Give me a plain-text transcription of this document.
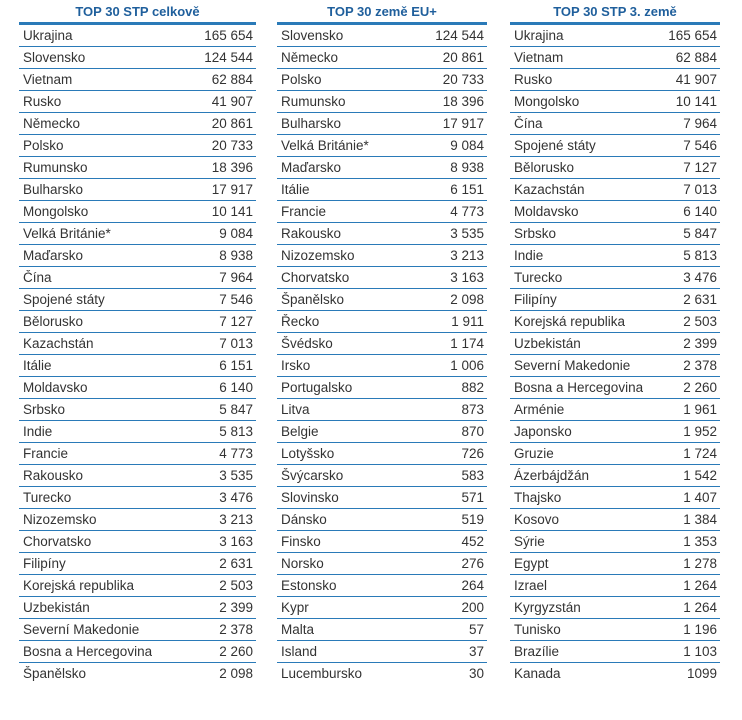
TOP 30 STP celkově
Ukrajina	165 654
Slovensko	124 544
Vietnam	62 884
Rusko	41 907
Německo	20 861
Polsko	20 733
Rumunsko	18 396
Bulharsko	17 917
Mongolsko	10 141
Velká Británie*	9 084
Maďarsko	8 938
Čína	7 964
Spojené státy	7 546
Bělorusko	7 127
Kazachstán	7 013
Itálie	6 151
Moldavsko	6 140
Srbsko	5 847
Indie	5 813
Francie	4 773
Rakousko	3 535
Turecko	3 476
Nizozemsko	3 213
Chorvatsko	3 163
Filipíny	2 631
Korejská republika	2 503
Uzbekistán	2 399
Severní Makedonie	2 378
Bosna a Hercegovina	2 260
Španělsko	2 098
TOP 30 země EU+
Slovensko	124 544
Německo	20 861
Polsko	20 733
Rumunsko	18 396
Bulharsko	17 917
Velká Británie*	9 084
Maďarsko	8 938
Itálie	6 151
Francie	4 773
Rakousko	3 535
Nizozemsko	3 213
Chorvatsko	3 163
Španělsko	2 098
Řecko	1 911
Švédsko	1 174
Irsko	1 006
Portugalsko	882
Litva	873
Belgie	870
Lotyšsko	726
Švýcarsko	583
Slovinsko	571
Dánsko	519
Finsko	452
Norsko	276
Estonsko	264
Kypr	200
Malta	57
Island	37
Lucembursko	30
TOP 30 STP 3. země
Ukrajina	165 654
Vietnam	62 884
Rusko	41 907
Mongolsko	10 141
Čína	7 964
Spojené státy	7 546
Bělorusko	7 127
Kazachstán	7 013
Moldavsko	6 140
Srbsko	5 847
Indie	5 813
Turecko	3 476
Filipíny	2 631
Korejská republika	2 503
Uzbekistán	2 399
Severní Makedonie	2 378
Bosna a Hercegovina	2 260
Arménie	1 961
Japonsko	1 952
Gruzie	1 724
Ázerbájdžán	1 542
Thajsko	1 407
Kosovo	1 384
Sýrie	1 353
Egypt	1 278
Izrael	1 264
Kyrgyzstán	1 264
Tunisko	1 196
Brazílie	1 103
Kanada	1099
